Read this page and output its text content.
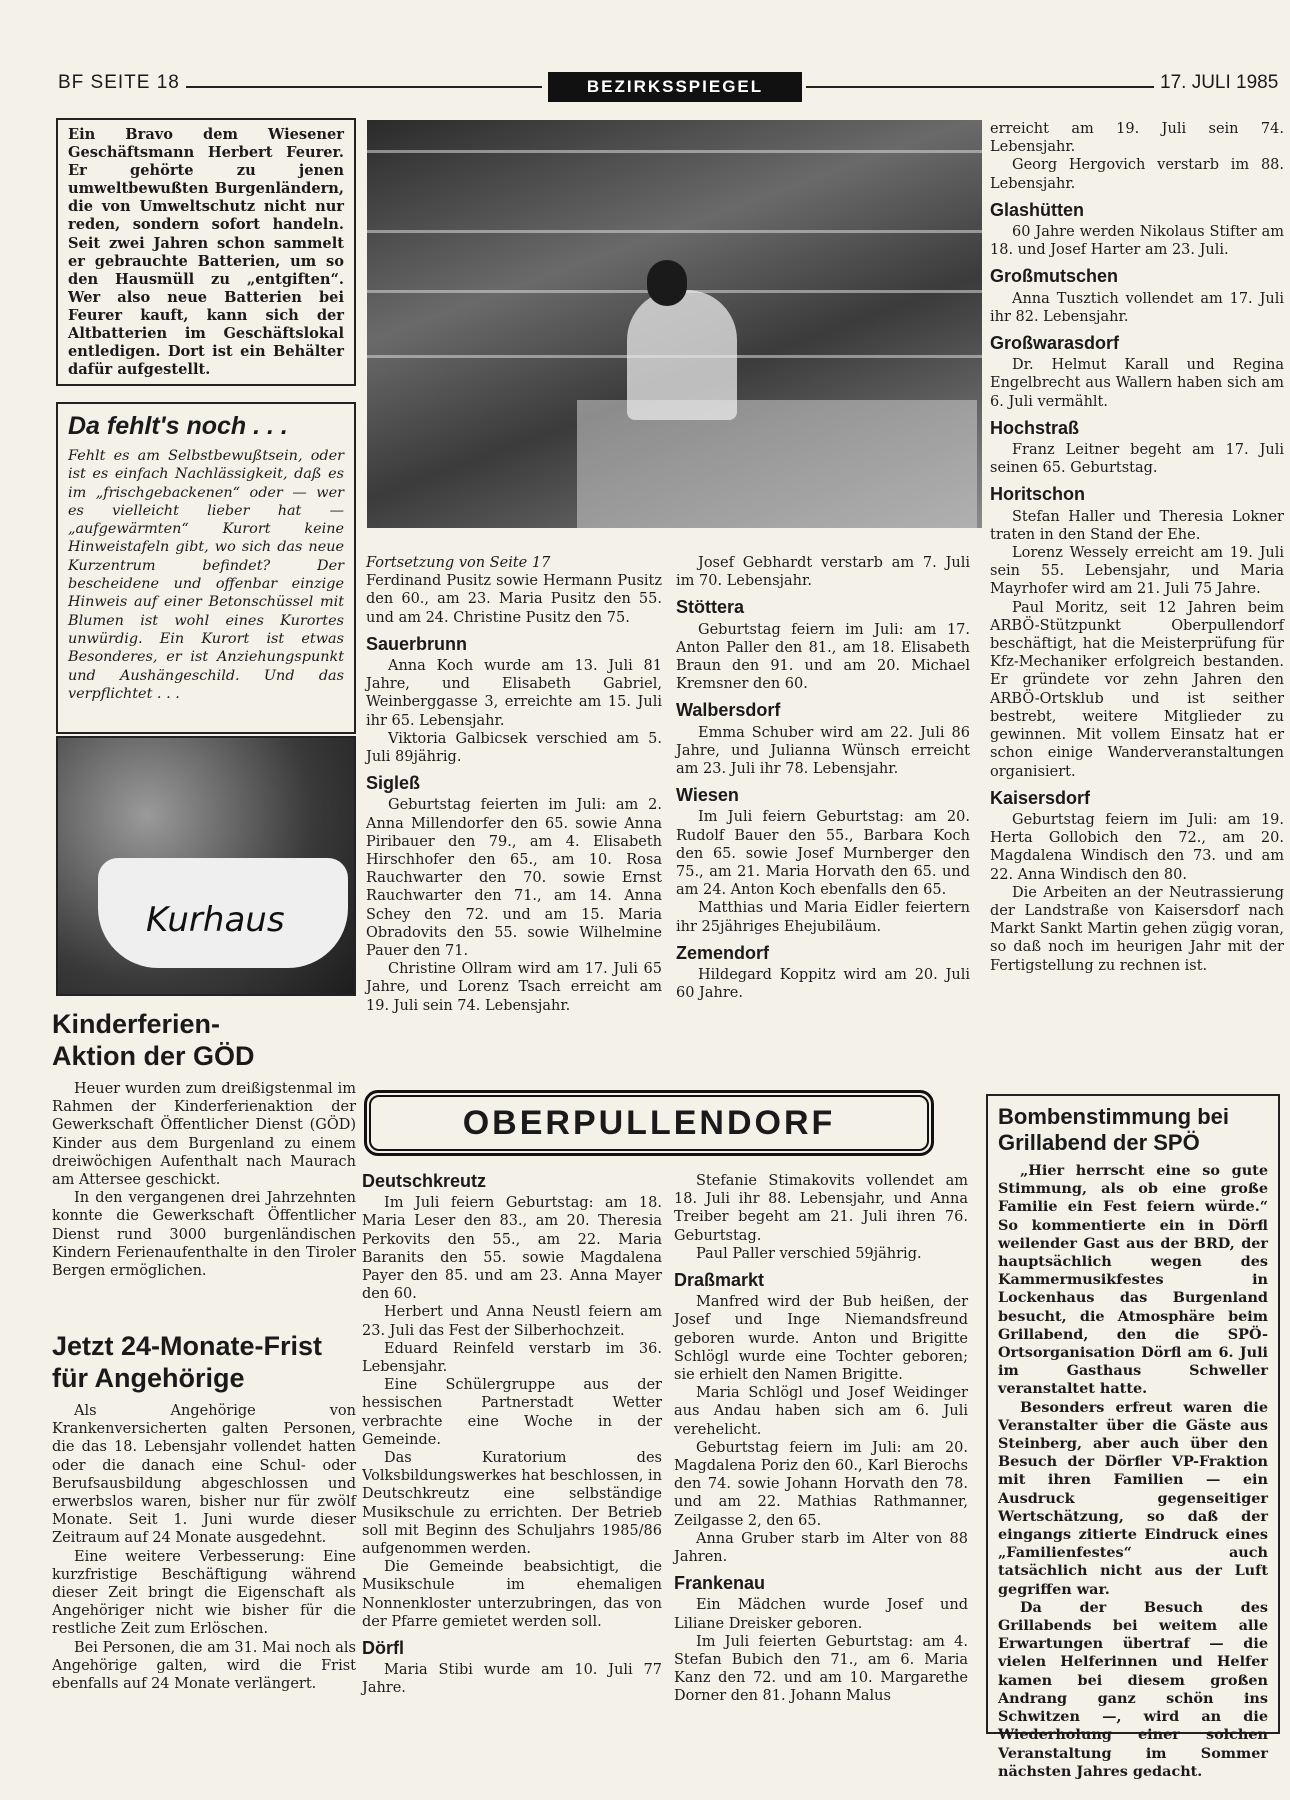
BF SEITE 18	BEZIRKSSPIEGEL	17. JULI 1985

Ein Bravo dem Wiesener Geschäftsmann Herbert Feurer. Er gehörte zu jenen umweltbewußten Burgenländern, die von Umweltschutz nicht nur reden, sondern sofort handeln. Seit zwei Jahren schon sammelt er gebrauchte Batterien, um so den Hausmüll zu „entgiften“. Wer also neue Batterien bei Feurer kauft, kann sich der Altbatterien im Geschäftslokal entledigen. Dort ist ein Behälter dafür aufgestellt.

Da fehlt's noch . . .

Fehlt es am Selbstbewußtsein, oder ist es einfach Nachlässigkeit, daß es im „frischgebackenen“ oder — wer es vielleicht lieber hat — „aufgewärmten“ Kurort keine Hinweistafeln gibt, wo sich das neue Kurzentrum befindet? Der bescheidene und offenbar einzige Hinweis auf einer Betonschüssel mit Blumen ist wohl eines Kurortes unwürdig. Ein Kurort ist etwas Besonderes, er ist Anziehungspunkt und Aushängeschild. Und das verpflichtet . . .

Kurhaus
Kinderferien-
Aktion der GÖD

Heuer wurden zum dreißigstenmal im Rahmen der Kinderferienaktion der Gewerkschaft Öffentlicher Dienst (GÖD) Kinder aus dem Burgenland zu einem dreiwöchigen Aufenthalt nach Maurach am Attersee geschickt.

In den vergangenen drei Jahrzehnten konnte die Gewerkschaft Öffentlicher Dienst rund 3000 burgenländischen Kindern Ferienaufenthalte in den Tiroler Bergen ermöglichen.

Jetzt 24-Monate-Frist
für Angehörige

Als Angehörige von Krankenversicherten galten Personen, die das 18. Lebensjahr vollendet hatten oder die danach eine Schul- oder Berufsausbildung abgeschlossen und erwerbslos waren, bisher nur für zwölf Monate. Seit 1. Juni wurde dieser Zeitraum auf 24 Monate ausgedehnt.

Eine weitere Verbesserung: Eine kurzfristige Beschäftigung während dieser Zeit bringt die Eigenschaft als Angehöriger nicht wie bisher für die restliche Zeit zum Erlöschen.

Bei Personen, die am 31. Mai noch als Angehörige galten, wird die Frist ebenfalls auf 24 Monate verlängert.

Fortsetzung von Seite 17

Ferdinand Pusitz sowie Hermann Pusitz den 60., am 23. Maria Pusitz den 55. und am 24. Christine Pusitz den 75.

Sauerbrunn

Anna Koch wurde am 13. Juli 81 Jahre, und Elisabeth Gabriel, Weinberggasse 3, erreichte am 15. Juli ihr 65. Lebensjahr.

Viktoria Galbicsek verschied am 5. Juli 89jährig.

Sigleß

Geburtstag feierten im Juli: am 2. Anna Millendorfer den 65. sowie Anna Piribauer den 79., am 4. Elisabeth Hirschhofer den 65., am 10. Rosa Rauchwarter den 70. sowie Ernst Rauchwarter den 71., am 14. Anna Schey den 72. und am 15. Maria Obradovits den 55. sowie Wilhelmine Pauer den 71.

Christine Ollram wird am 17. Juli 65 Jahre, und Lorenz Tsach erreicht am 19. Juli sein 74. Lebensjahr.

Josef Gebhardt verstarb am 7. Juli im 70. Lebensjahr.

Stöttera

Geburtstag feiern im Juli: am 17. Anton Paller den 81., am 18. Elisabeth Braun den 91. und am 20. Michael Kremsner den 60.

Walbersdorf

Emma Schuber wird am 22. Juli 86 Jahre, und Julianna Wünsch erreicht am 23. Juli ihr 78. Lebensjahr.

Wiesen

Im Juli feiern Geburtstag: am 20. Rudolf Bauer den 55., Barbara Koch den 65. sowie Josef Murnberger den 75., am 21. Maria Horvath den 65. und am 24. Anton Koch ebenfalls den 65.

Matthias und Maria Eidler feiertern ihr 25jähriges Ehejubiläum.

Zemendorf

Hildegard Koppitz wird am 20. Juli 60 Jahre.

erreicht am 19. Juli sein 74. Lebensjahr.

Georg Hergovich verstarb im 88. Lebensjahr.

Glashütten

60 Jahre werden Nikolaus Stifter am 18. und Josef Harter am 23. Juli.

Großmutschen

Anna Tusztich vollendet am 17. Juli ihr 82. Lebensjahr.

Großwarasdorf

Dr. Helmut Karall und Regina Engelbrecht aus Wallern haben sich am 6. Juli vermählt.

Hochstraß

Franz Leitner begeht am 17. Juli seinen 65. Geburtstag.

Horitschon

Stefan Haller und Theresia Lokner traten in den Stand der Ehe.

Lorenz Wessely erreicht am 19. Juli sein 55. Lebensjahr, und Maria Mayrhofer wird am 21. Juli 75 Jahre.

Paul Moritz, seit 12 Jahren beim ARBÖ-Stützpunkt Oberpullendorf beschäftigt, hat die Meisterprüfung für Kfz-Mechaniker erfolgreich bestanden. Er gründete vor zehn Jahren den ARBÖ-Ortsklub und ist seither bestrebt, weitere Mitglieder zu gewinnen. Mit vollem Einsatz hat er schon einige Wanderveranstaltungen organisiert.

Kaisersdorf

Geburtstag feiern im Juli: am 19. Herta Gollobich den 72., am 20. Magdalena Windisch den 73. und am 22. Anna Windisch den 80.

Die Arbeiten an der Neutrassierung der Landstraße von Kaisersdorf nach Markt Sankt Martin gehen zügig voran, so daß noch im heurigen Jahr mit der Fertigstellung zu rechnen ist.

OBERPULLENDORF
Deutschkreutz

Im Juli feiern Geburtstag: am 18. Maria Leser den 83., am 20. Theresia Perkovits den 55., am 22. Maria Baranits den 55. sowie Magdalena Payer den 85. und am 23. Anna Mayer den 60.

Herbert und Anna Neustl feiern am 23. Juli das Fest der Silberhochzeit.

Eduard Reinfeld verstarb im 36. Lebensjahr.

Eine Schülergruppe aus der hessischen Partnerstadt Wetter verbrachte eine Woche in der Gemeinde.

Das Kuratorium des Volksbildungswerkes hat beschlossen, in Deutschkreutz eine selbständige Musikschule zu errichten. Der Betrieb soll mit Beginn des Schuljahrs 1985/86 aufgenommen werden.

Die Gemeinde beabsichtigt, die Musikschule im ehemaligen Nonnenkloster unterzubringen, das von der Pfarre gemietet werden soll.

Dörfl

Maria Stibi wurde am 10. Juli 77 Jahre.

Stefanie Stimakovits vollendet am 18. Juli ihr 88. Lebensjahr, und Anna Treiber begeht am 21. Juli ihren 76. Geburtstag.

Paul Paller verschied 59jährig.

Draßmarkt

Manfred wird der Bub heißen, der Josef und Inge Niemandsfreund geboren wurde. Anton und Brigitte Schlögl wurde eine Tochter geboren; sie erhielt den Namen Brigitte.

Maria Schlögl und Josef Weidinger aus Andau haben sich am 6. Juli verehelicht.

Geburtstag feiern im Juli: am 20. Magdalena Poriz den 60., Karl Bierochs den 74. sowie Johann Horvath den 78. und am 22. Mathias Rathmanner, Zeilgasse 2, den 65.

Anna Gruber starb im Alter von 88 Jahren.

Frankenau

Ein Mädchen wurde Josef und Liliane Dreisker geboren.

Im Juli feierten Geburtstag: am 4. Stefan Bubich den 71., am 6. Maria Kanz den 72. und am 10. Margarethe Dorner den 81. Johann Malus

Bombenstimmung bei
Grillabend der SPÖ

„Hier herrscht eine so gute Stimmung, als ob eine große Familie ein Fest feiern würde.“ So kommentierte ein in Dörfl weilender Gast aus der BRD, der hauptsächlich wegen des Kammermusikfestes in Lockenhaus das Burgenland besucht, die Atmosphäre beim Grillabend, den die SPÖ-Ortsorganisation Dörfl am 6. Juli im Gasthaus Schweller veranstaltet hatte.

Besonders erfreut waren die Veranstalter über die Gäste aus Steinberg, aber auch über den Besuch der Dörfler VP-Fraktion mit ihren Familien — ein Ausdruck gegenseitiger Wertschätzung, so daß der eingangs zitierte Eindruck eines „Familienfestes“ auch tatsächlich nicht aus der Luft gegriffen war.

Da der Besuch des Grillabends bei weitem alle Erwartungen übertraf — die vielen Helferinnen und Helfer kamen bei diesem großen Andrang ganz schön ins Schwitzen —, wird an die Wiederholung einer solchen Veranstaltung im Sommer nächsten Jahres gedacht.
